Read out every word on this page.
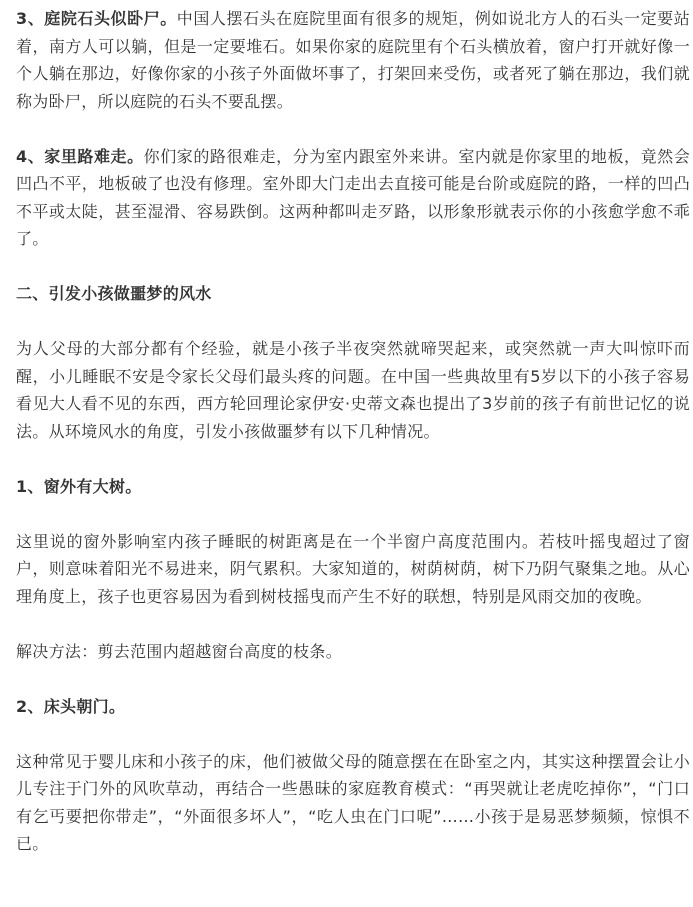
3、庭院石头似卧尸。中国人摆石头在庭院里面有很多的规矩，例如说北方人的石头一定要站着，南方人可以躺，但是一定要堆石。如果你家的庭院里有个石头横放着，窗户打开就好像一个人躺在那边，好像你家的小孩子外面做坏事了，打架回来受伤，或者死了躺在那边，我们就称为卧尸，所以庭院的石头不要乱摆。

4、家里路难走。你们家的路很难走，分为室内跟室外来讲。室内就是你家里的地板，竟然会凹凸不平，地板破了也没有修理。室外即大门走出去直接可能是台阶或庭院的路，一样的凹凸不平或太陡，甚至湿滑、容易跌倒。这两种都叫走歹路，以形象形就表示你的小孩愈学愈不乖了。

二、引发小孩做噩梦的风水

为人父母的大部分都有个经验，就是小孩子半夜突然就啼哭起来，或突然就一声大叫惊吓而醒，小儿睡眠不安是令家长父母们最头疼的问题。在中国一些典故里有5岁以下的小孩子容易看见大人看不见的东西，西方轮回理论家伊安·史蒂文森也提出了3岁前的孩子有前世记忆的说法。从环境风水的角度，引发小孩做噩梦有以下几种情况。

1、窗外有大树。

这里说的窗外影响室内孩子睡眠的树距离是在一个半窗户高度范围内。若枝叶摇曳超过了窗户，则意味着阳光不易进来，阴气累积。大家知道的，树荫树荫，树下乃阴气聚集之地。从心理角度上，孩子也更容易因为看到树枝摇曳而产生不好的联想，特别是风雨交加的夜晚。

解决方法：剪去范围内超越窗台高度的枝条。

2、床头朝门。

这种常见于婴儿床和小孩子的床，他们被做父母的随意摆在在卧室之内，其实这种摆置会让小儿专注于门外的风吹草动，再结合一些愚昧的家庭教育模式：“再哭就让老虎吃掉你”，“门口有乞丐要把你带走”，“外面很多坏人”，“吃人虫在门口呢”……小孩于是易恶梦频频，惊惧不已。
